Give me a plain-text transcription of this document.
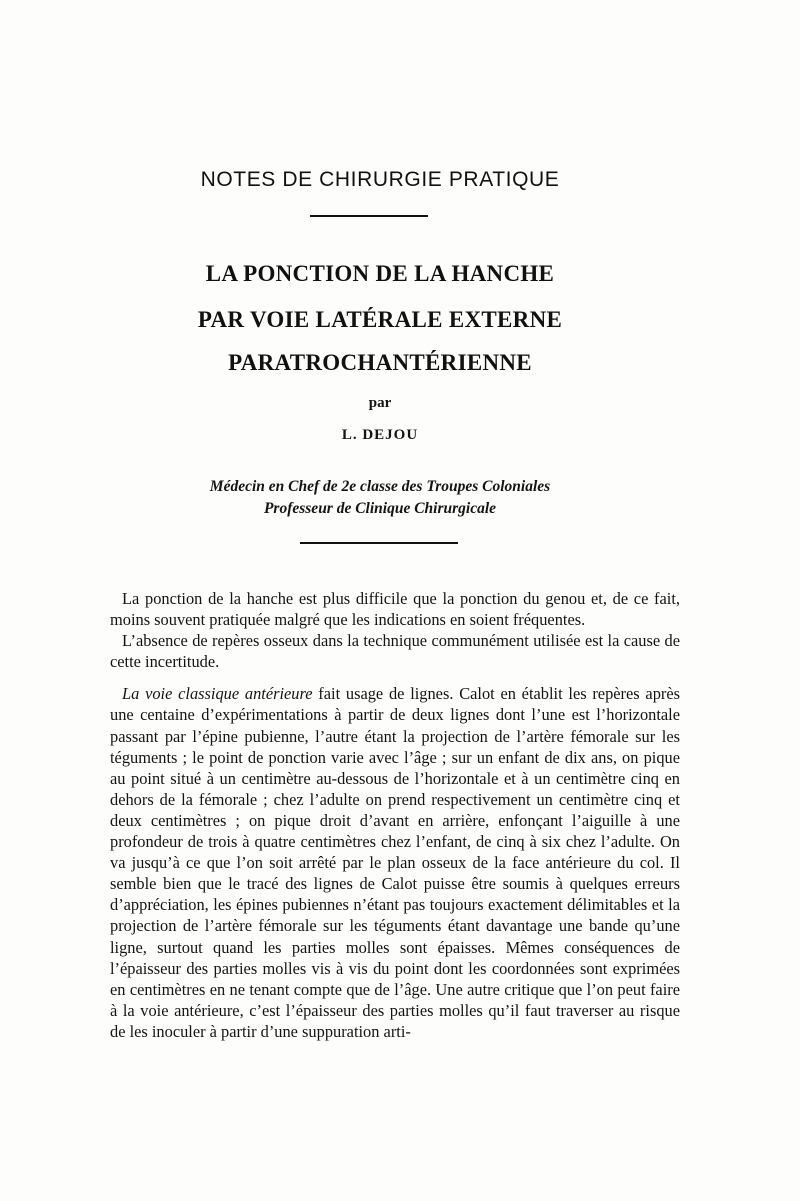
NOTES DE CHIRURGIE PRATIQUE
LA PONCTION DE LA HANCHE
PAR VOIE LATÉRALE EXTERNE
PARATROCHANTÉRIENNE
par
L. DEJOU
Médecin en Chef de 2e classe des Troupes Coloniales
Professeur de Clinique Chirurgicale

La ponction de la hanche est plus difficile que la ponction du genou et, de ce fait, moins souvent pratiquée malgré que les indications en soient fréquentes.

L’absence de repères osseux dans la technique communément utilisée est la cause de cette incertitude.

La voie classique antérieure fait usage de lignes. Calot en établit les repères après une centaine d’expérimentations à partir de deux lignes dont l’une est l’horizontale passant par l’épine pubienne, l’autre étant la projection de l’artère fémorale sur les téguments ; le point de ponction varie avec l’âge ; sur un enfant de dix ans, on pique au point situé à un centimètre au-dessous de l’horizontale et à un centimètre cinq en dehors de la fémorale ; chez l’adulte on prend respectivement un centimètre cinq et deux centimètres ; on pique droit d’avant en arrière, enfonçant l’aiguille à une profondeur de trois à quatre centimètres chez l’enfant, de cinq à six chez l’adulte. On va jusqu’à ce que l’on soit arrêté par le plan osseux de la face antérieure du col. Il semble bien que le tracé des lignes de Calot puisse être soumis à quelques erreurs d’appréciation, les épines pubiennes n’étant pas toujours exactement délimitables et la projection de l’artère fémorale sur les téguments étant davantage une bande qu’une ligne, surtout quand les parties molles sont épaisses. Mêmes conséquences de l’épaisseur des parties molles vis à vis du point dont les coordonnées sont exprimées en centimètres en ne tenant compte que de l’âge. Une autre critique que l’on peut faire à la voie antérieure, c’est l’épaisseur des parties molles qu’il faut traverser au risque de les inoculer à partir d’une suppuration arti-
